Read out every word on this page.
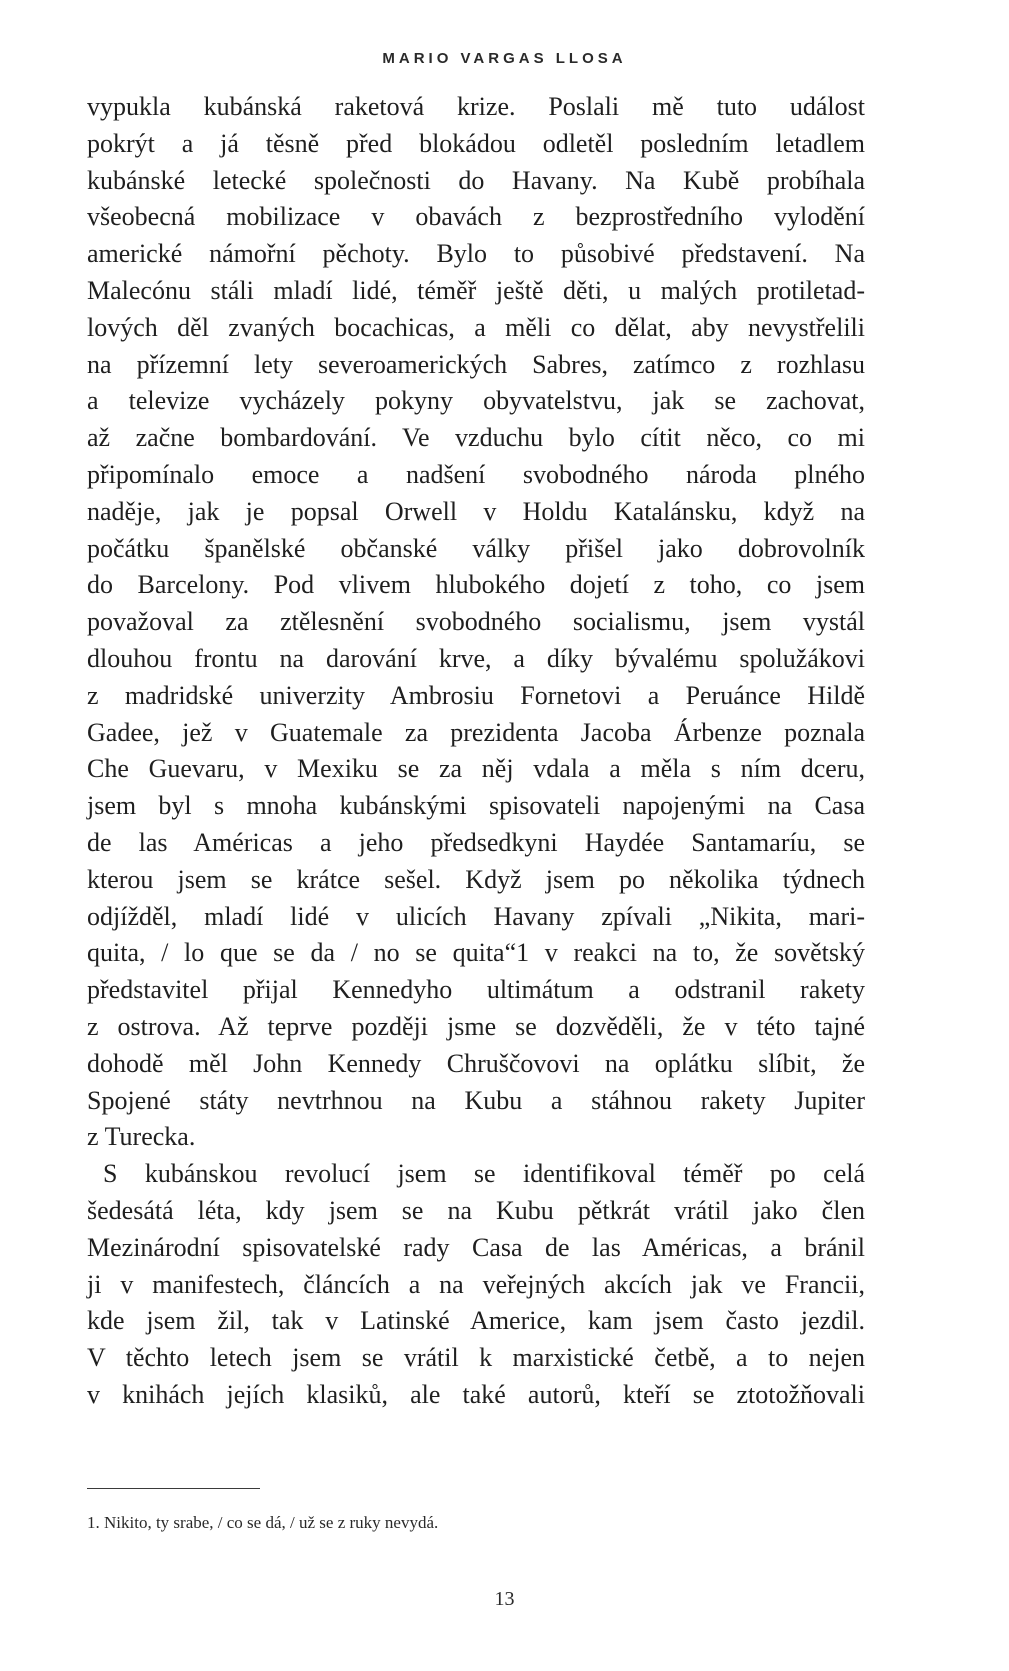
MARIO VARGAS LLOSA
vypukla kubánská raketová krize. Poslali mě tuto událost
pokrýt a já těsně před blokádou odletěl posledním letadlem
kubánské letecké společnosti do Havany. Na Kubě probíhala
všeobecná mobilizace v obavách z bezprostředního vylodění
americké námořní pěchoty. Bylo to působivé představení. Na
Malecónu stáli mladí lidé, téměř ještě děti, u malých protiletad-
lových děl zvaných bocachicas, a měli co dělat, aby nevystřelili
na přízemní lety severoamerických Sabres, zatímco z rozhlasu
a televize vycházely pokyny obyvatelstvu, jak se zachovat,
až začne bombardování. Ve vzduchu bylo cítit něco, co mi
připomínalo emoce a nadšení svobodného národa plného
naděje, jak je popsal Orwell v Holdu Katalánsku, když na
počátku španělské občanské války přišel jako dobrovolník
do Barcelony. Pod vlivem hlubokého dojetí z toho, co jsem
považoval za ztělesnění svobodného socialismu, jsem vystál
dlouhou frontu na darování krve, a díky bývalému spolužákovi
z madridské univerzity Ambrosiu Fornetovi a Peruánce Hildě
Gadee, jež v Guatemale za prezidenta Jacoba Árbenze poznala
Che Guevaru, v Mexiku se za něj vdala a měla s ním dceru,
jsem byl s mnoha kubánskými spisovateli napojenými na Casa
de las Américas a jeho předsedkyni Haydée Santamaríu, se
kterou jsem se krátce sešel. Když jsem po několika týdnech
odjížděl, mladí lidé v ulicích Havany zpívali „Nikita, mari-
quita, / lo que se da / no se quita“1 v reakci na to, že sovětský
představitel přijal Kennedyho ultimátum a odstranil rakety
z ostrova. Až teprve později jsme se dozvěděli, že v této tajné
dohodě měl John Kennedy Chruščovovi na oplátku slíbit, že
Spojené státy nevtrhnou na Kubu a stáhnou rakety Jupiter
z Turecka.
S kubánskou revolucí jsem se identifikoval téměř po celá
šedesátá léta, kdy jsem se na Kubu pětkrát vrátil jako člen
Mezinárodní spisovatelské rady Casa de las Américas, a bránil
ji v manifestech, článcích a na veřejných akcích jak ve Francii,
kde jsem žil, tak v Latinské Americe, kam jsem často jezdil.
V těchto letech jsem se vrátil k marxistické četbě, a to nejen
v knihách jejích klasiků, ale také autorů, kteří se ztotožňovali
1. Nikito, ty srabe, / co se dá, / už se z ruky nevydá.
13
